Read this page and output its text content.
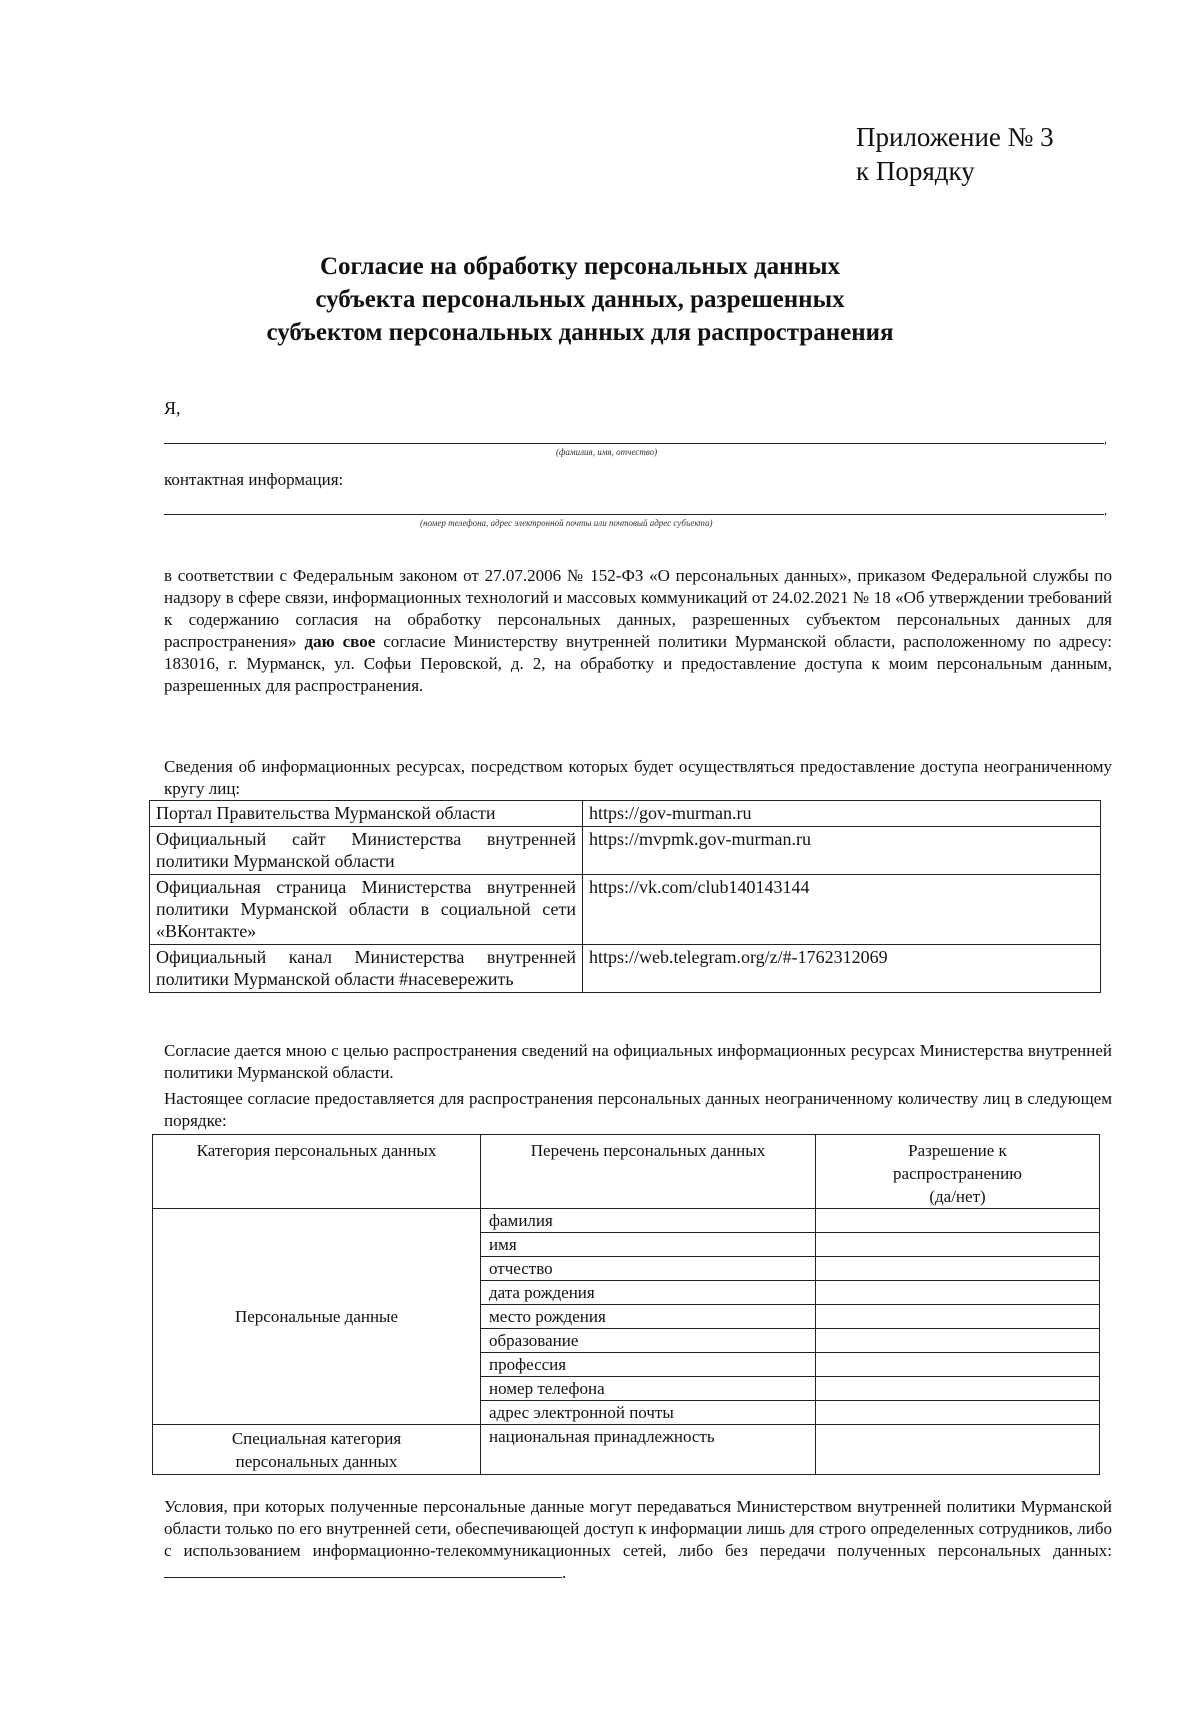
Приложение № 3
к Порядку
Согласие на обработку персональных данных
субъекта персональных данных, разрешенных
субъектом персональных данных для распространения
Я,
,
(фамилия, имя, отчество)
контактная информация:
,
(номер телефона, адрес электронной почты или почтовый адрес субъекта)
в соответствии с Федеральным законом от 27.07.2006 № 152-ФЗ «О персональных данных», приказом Федеральной службы по надзору в сфере связи, информационных технологий и массовых коммуникаций от 24.02.2021 № 18 «Об утверждении требований к содержанию согласия на обработку персональных данных, разрешенных субъектом персональных данных для распространения» даю свое согласие Министерству внутренней политики Мурманской области, расположенному по адресу: 183016, г. Мурманск, ул. Софьи Перовской, д. 2, на обработку и предоставление доступа к моим персональным данным, разрешенных для распространения.
Сведения об информационных ресурсах, посредством которых будет осуществляться предоставление доступа неограниченному кругу лиц:
Портал Правительства Мурманской области	https://gov-murman.ru
Официальный сайт Министерства внутренней политики Мурманской области	https://mvpmk.gov-murman.ru
Официальная страница Министерства внутренней политики Мурманской области в социальной сети «ВКонтакте»	https://vk.com/club140143144
Официальный канал Министерства внутренней политики Мурманской области #насевережить	https://web.telegram.org/z/#-1762312069
Согласие дается мною с целью распространения сведений на официальных информационных ресурсах Министерства внутренней политики Мурманской области.
Настоящее согласие предоставляется для распространения персональных данных неограниченному количеству лиц в следующем порядке:
Категория персональных данных	Перечень персональных данных	Разрешение к
распространению
(да/нет)

Персональные данные	фамилия	
	имя	
	отчество	
	дата рождения	
	место рождения	
	образование	
	профессия	
	номер телефона	
	адрес электронной почты	

Специальная категория
персональных данных	национальная принадлежность	
Условия, при которых полученные персональные данные могут передаваться Министерством внутренней политики Мурманской области только по его внутренней сети, обеспечивающей доступ к информации лишь для строго определенных сотрудников, либо с использованием информационно-телекоммуникационных сетей, либо без передачи полученных персональных данных: .
